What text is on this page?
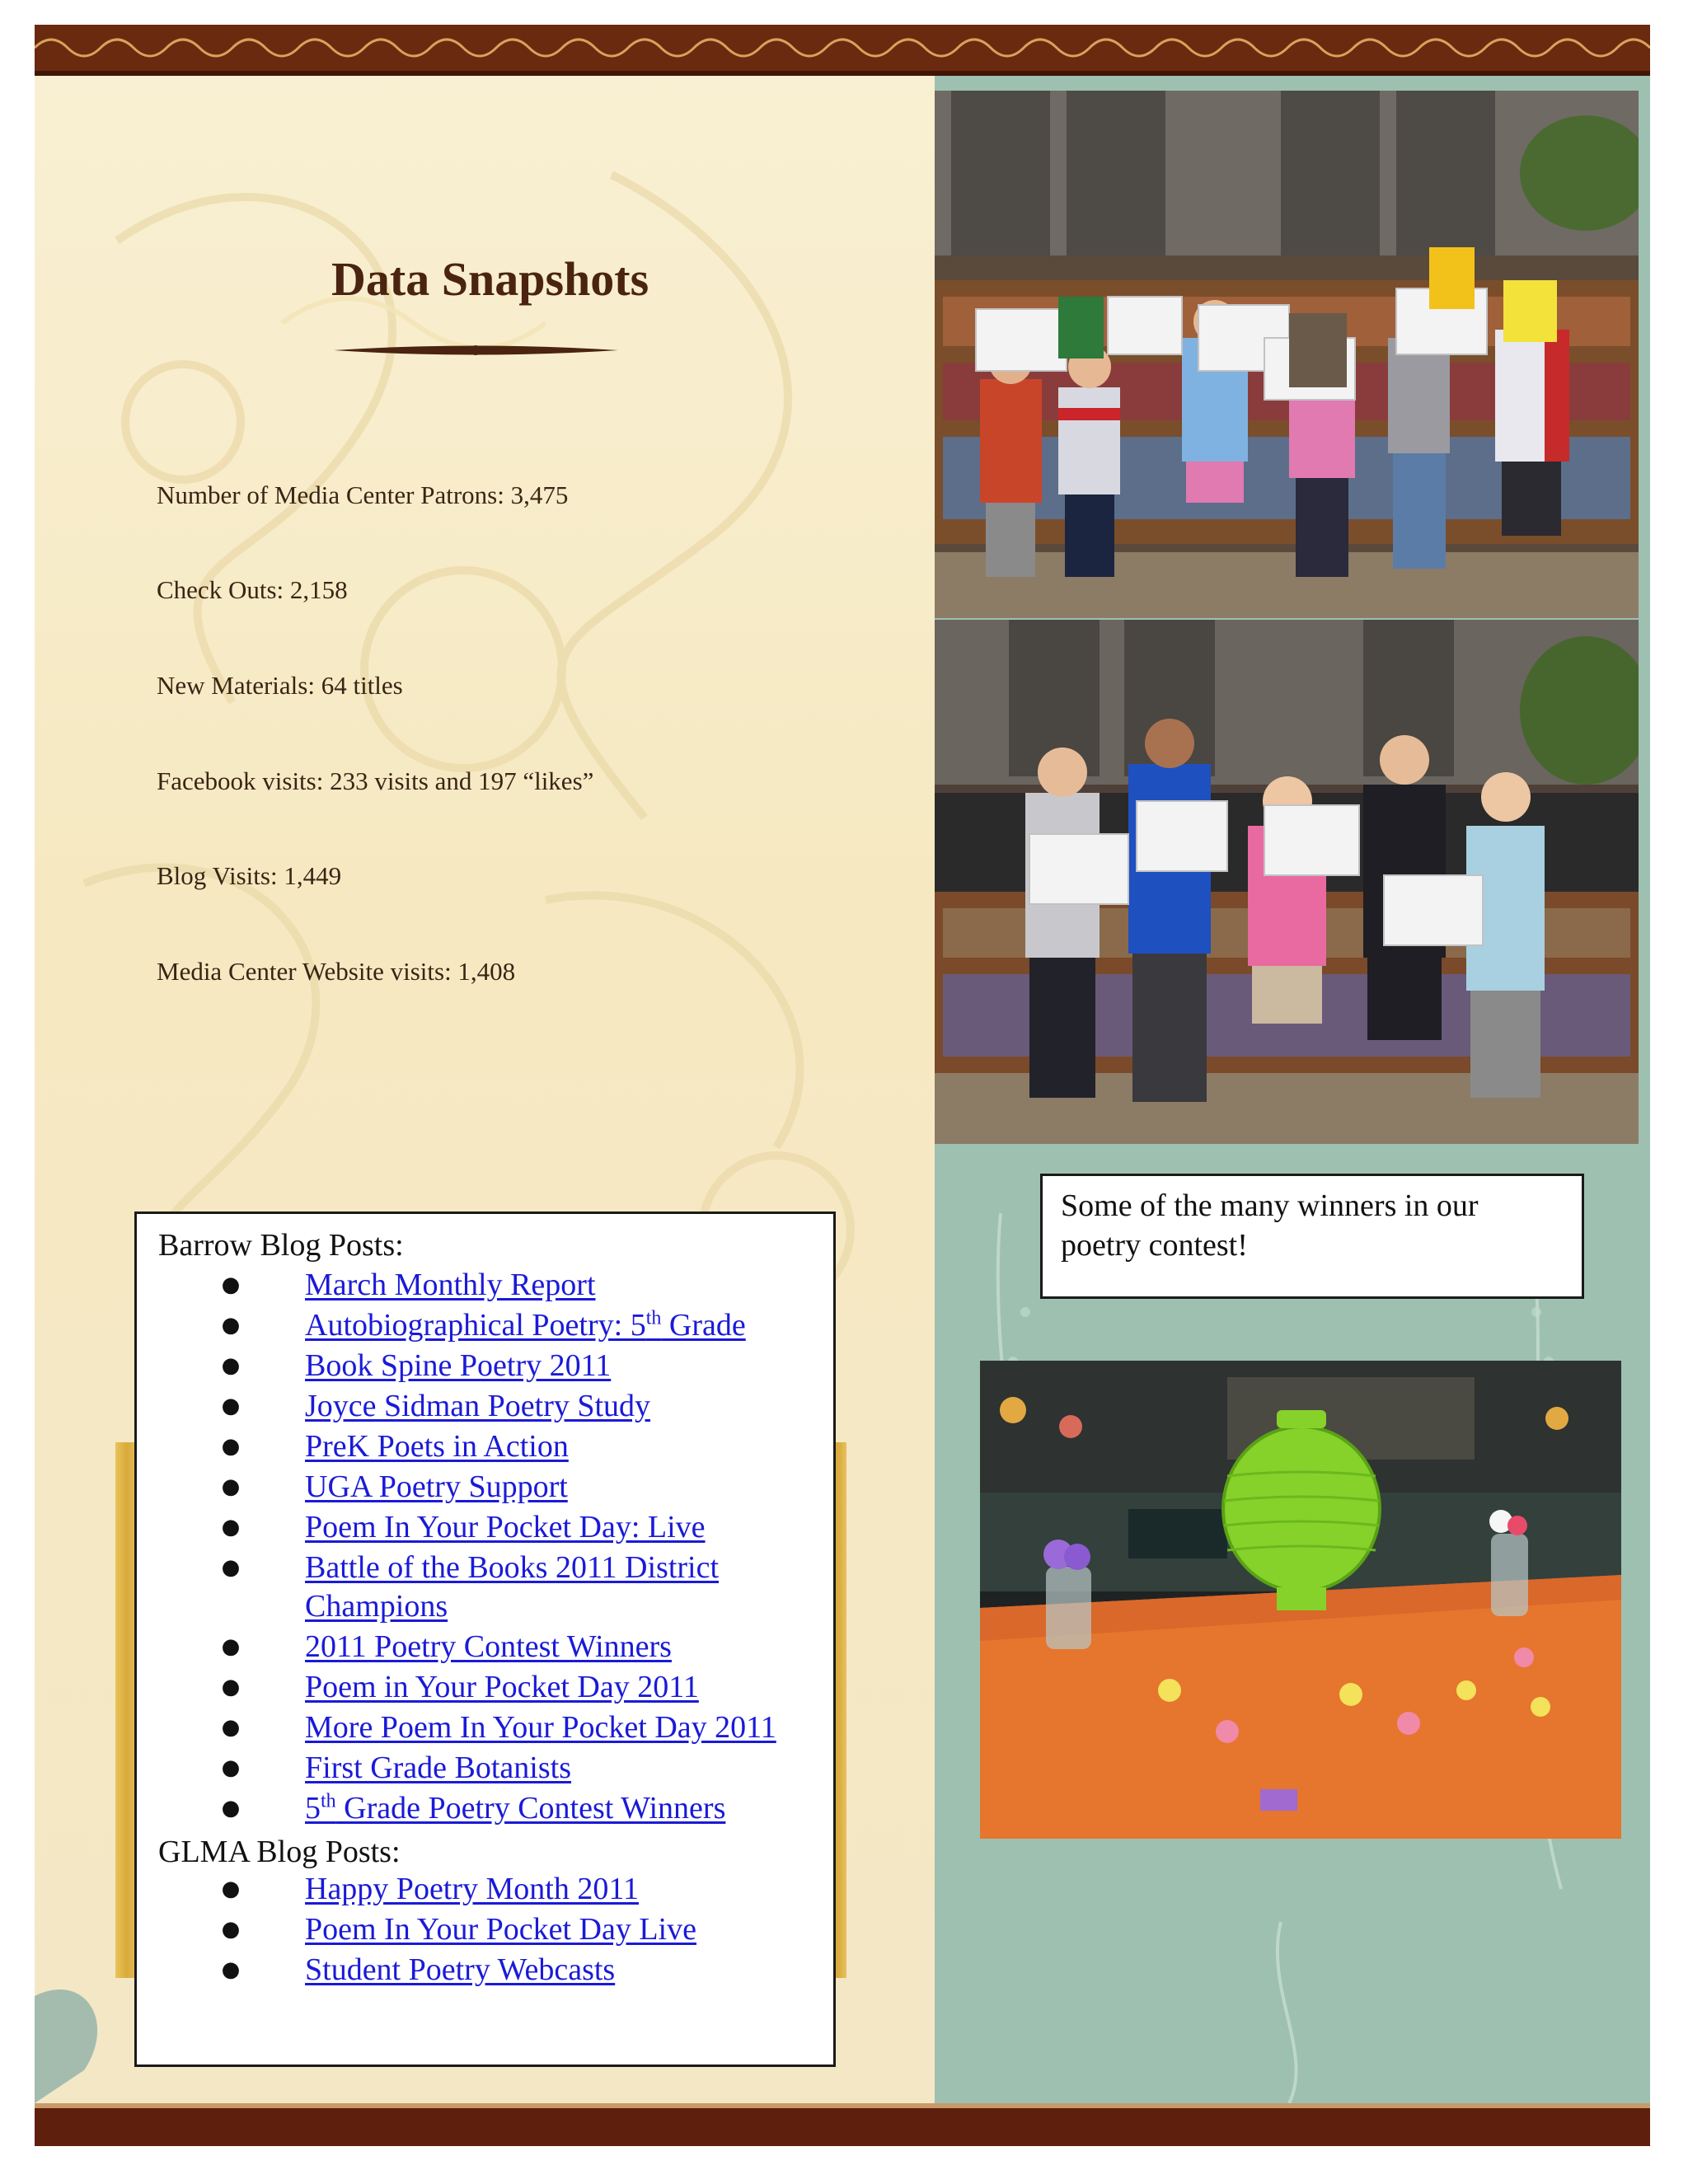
Data Snapshots
Number of Media Center Patrons: 3,475
Check Outs: 2,158
New Materials: 64 titles
Facebook visits: 233 visits and 197 “likes”
Blog Visits: 1,449
Media Center Website visits: 1,408
Some of the many winners in our poetry contest!
Barrow Blog Posts:
●	March Monthly Report
●	Autobiographical Poetry: 5th Grade
●	Book Spine Poetry 2011
●	Joyce Sidman Poetry Study
●	PreK Poets in Action
●	UGA Poetry Support
●	Poem In Your Pocket Day: Live
●	Battle of the Books 2011 District
Champions
●	2011 Poetry Contest Winners
●	Poem in Your Pocket Day 2011
●	More Poem In Your Pocket Day 2011
●	First Grade Botanists
●	5th Grade Poetry Contest Winners
GLMA Blog Posts:
●	Happy Poetry Month 2011
●	Poem In Your Pocket Day Live
●	Student Poetry Webcasts
